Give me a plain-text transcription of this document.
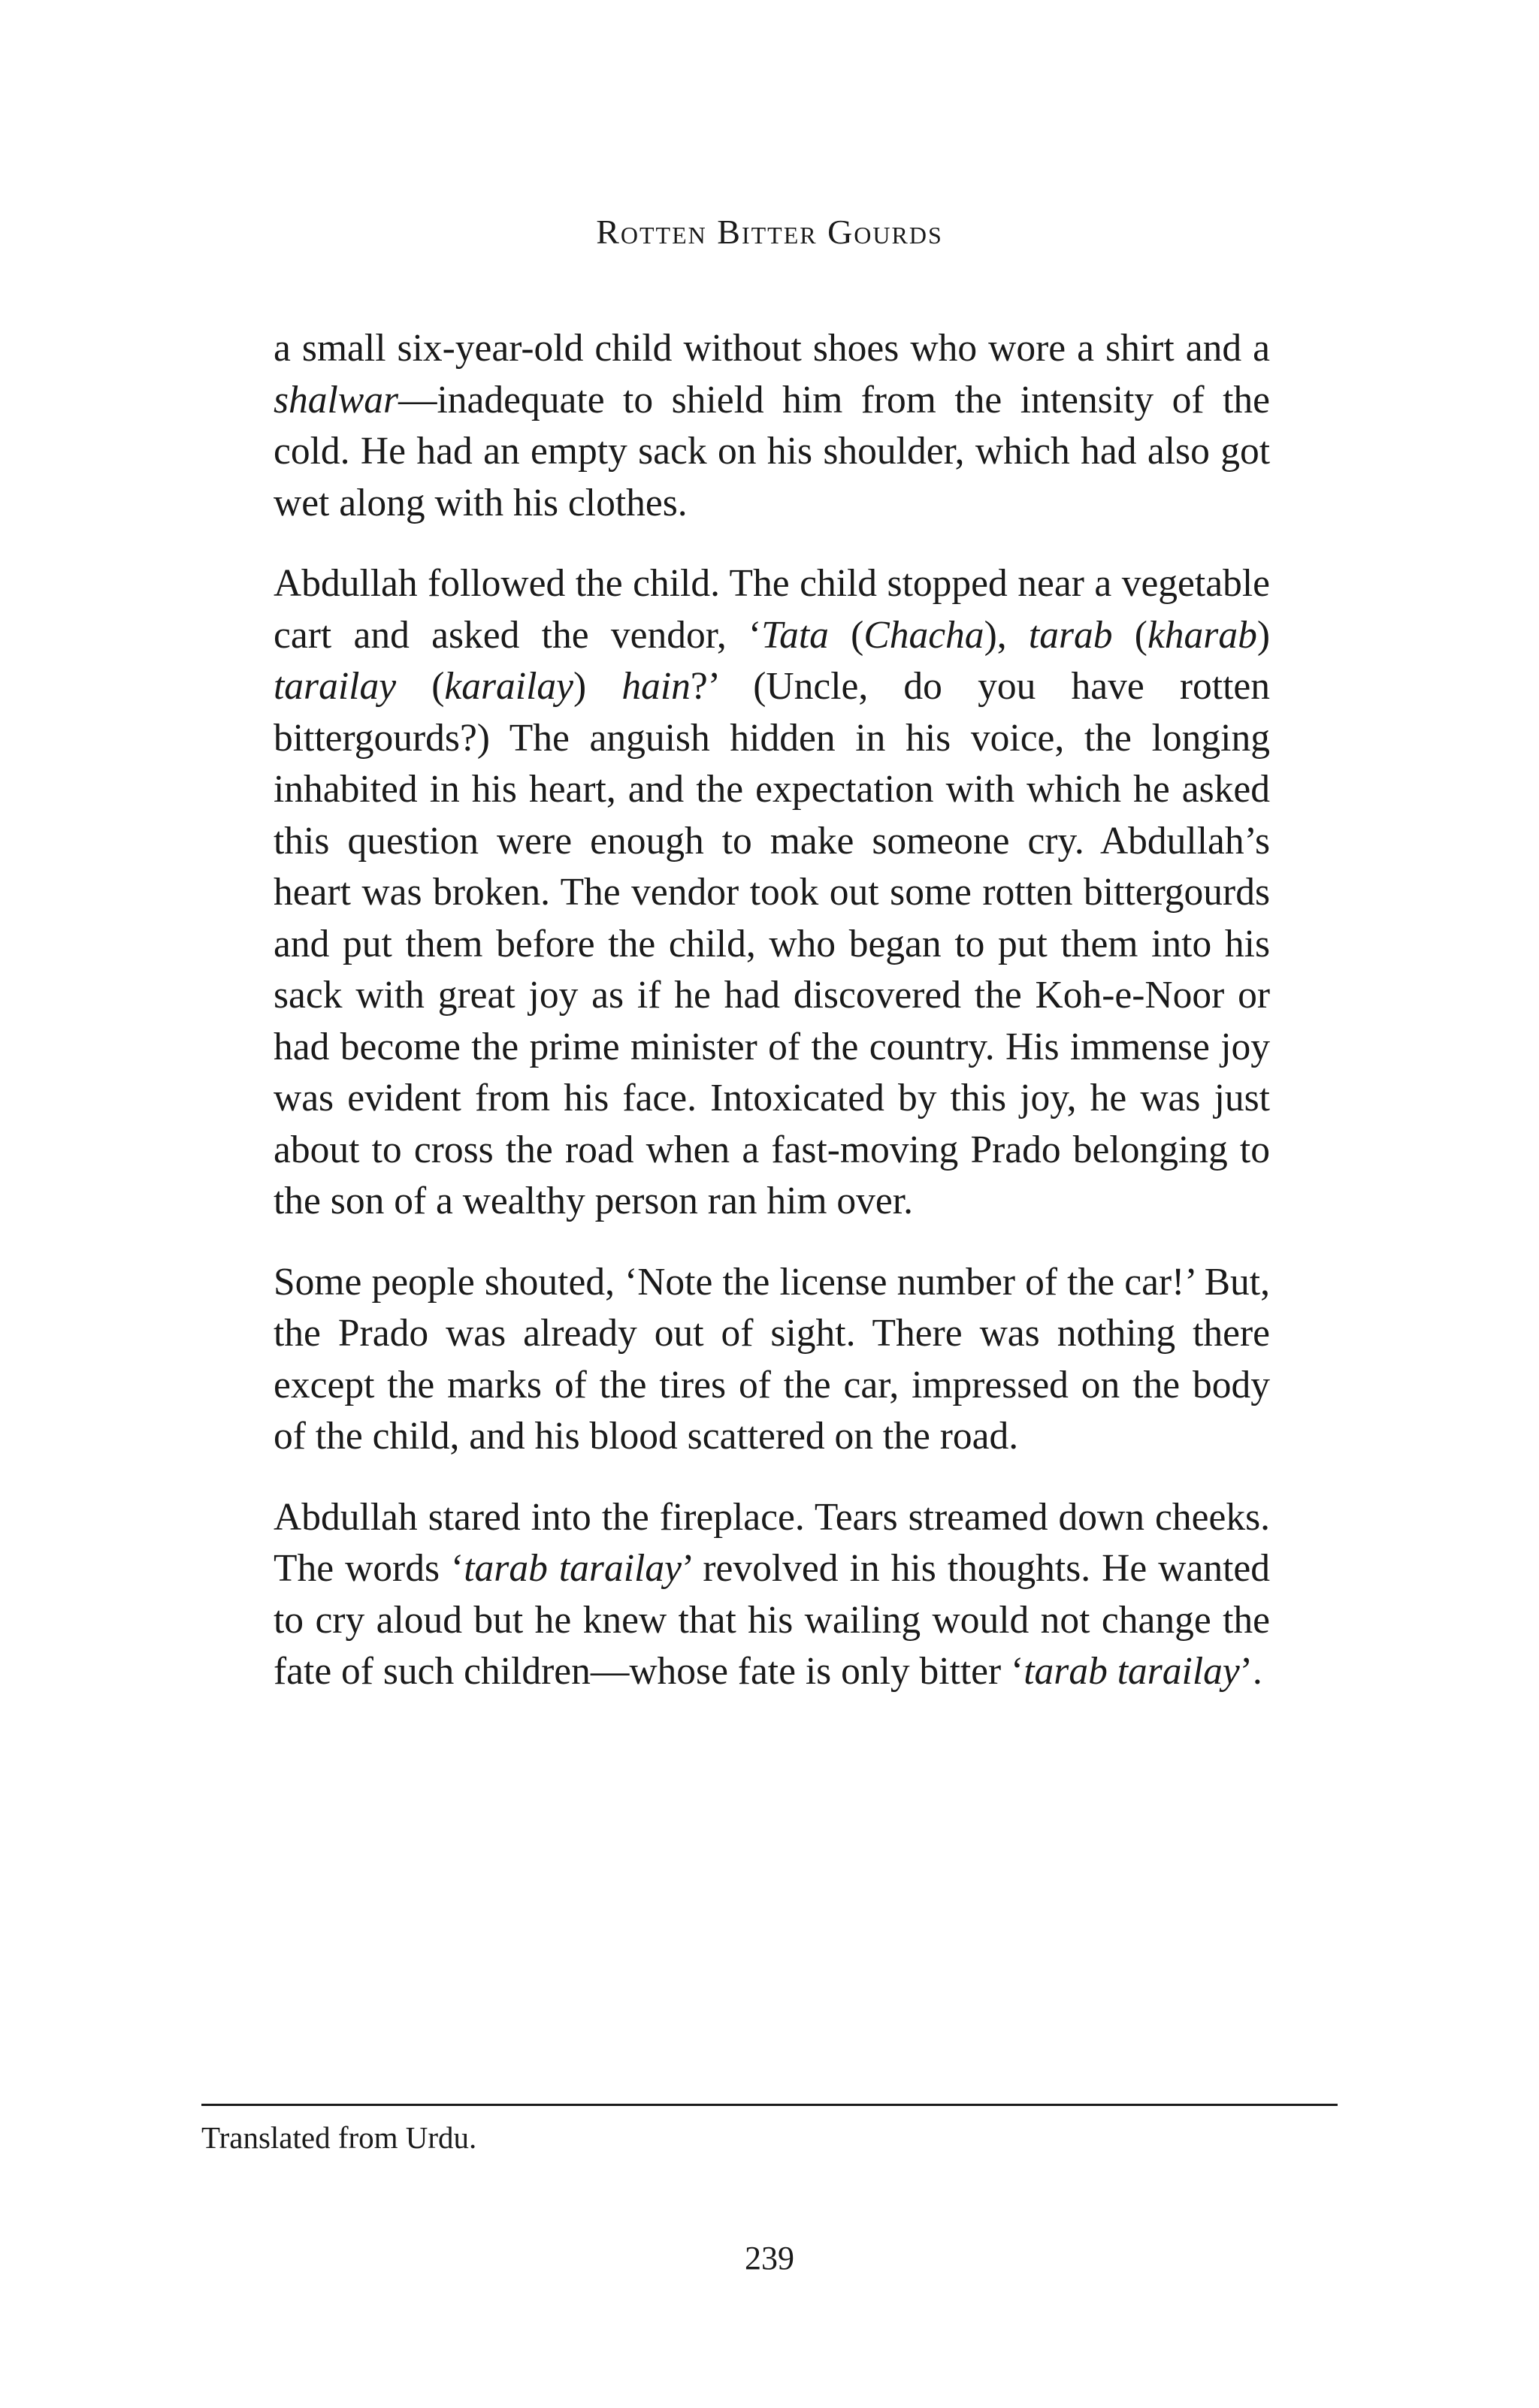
Rotten Bitter Gourds

a small six-year-old child without shoes who wore a shirt and a shalwar—inadequate to shield him from the intensity of the cold. He had an empty sack on his shoulder, which had also got wet along with his clothes.

Abdullah followed the child. The child stopped near a vegetable cart and asked the vendor, ‘Tata (Chacha), tarab (kharab) tarailay (karailay) hain?’ (Uncle, do you have rotten bittergourds?) The anguish hidden in his voice, the longing inhabited in his heart, and the expectation with which he asked this question were enough to make someone cry. Abdullah’s heart was broken. The vendor took out some rotten bittergourds and put them before the child, who began to put them into his sack with great joy as if he had discovered the Koh-e-Noor or had become the prime minister of the country. His immense joy was evident from his face. Intoxicated by this joy, he was just about to cross the road when a fast-moving Prado belonging to the son of a wealthy person ran him over.

Some people shouted, ‘Note the license number of the car!’ But, the Prado was already out of sight. There was nothing there except the marks of the tires of the car, impressed on the body of the child, and his blood scattered on the road.

Abdullah stared into the fireplace. Tears streamed down cheeks. The words ‘tarab tarailay’ revolved in his thoughts. He wanted to cry aloud but he knew that his wailing would not change the fate of such children—whose fate is only bitter ‘tarab tarailay’.

Translated from Urdu.
239
